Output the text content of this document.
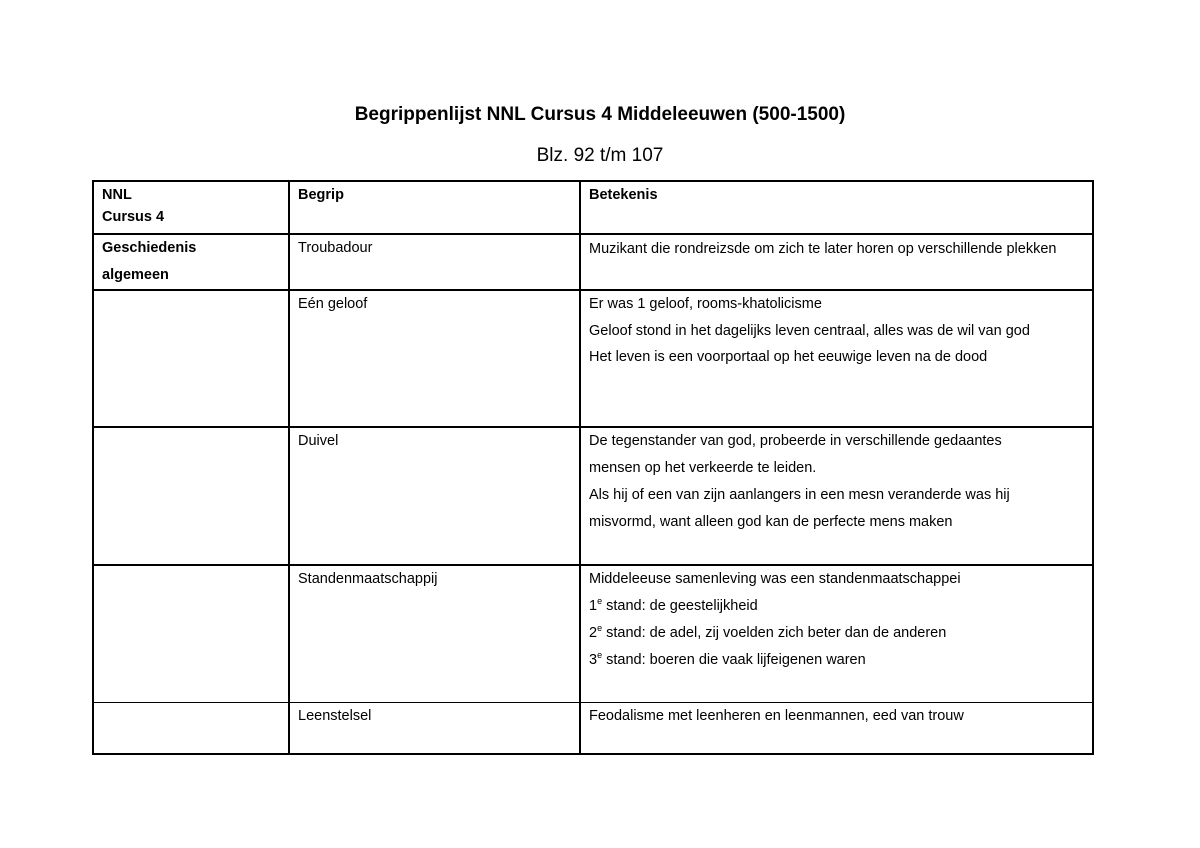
Begrippenlijst NNL Cursus 4 Middeleeuwen (500-1500)
Blz. 92 t/m 107
NNL
Cursus 4	Begrip	Betekenis

Geschiedenis
algemeen	Troubadour	Muzikant die rondreizsde om zich te later horen op verschillende plekken

	Eén geloof	Er was 1 geloof, rooms-khatolicisme
Geloof stond in het dagelijks leven centraal, alles was de wil van god
Het leven is een voorportaal op het eeuwige leven na de dood

	Duivel	De tegenstander van god, probeerde in verschillende gedaantes
mensen op het verkeerde te leiden.
Als hij of een van zijn aanlangers in een mesn veranderde was hij
misvormd, want alleen god kan de perfecte mens maken

	Standenmaatschappij	Middeleeuse samenleving was een standenmaatschappei
1e stand: de geestelijkheid
2e stand: de adel, zij voelden zich beter dan de anderen
3e stand: boeren die vaak lijfeigenen waren

	Leenstelsel	Feodalisme met leenheren en leenmannen, eed van trouw
